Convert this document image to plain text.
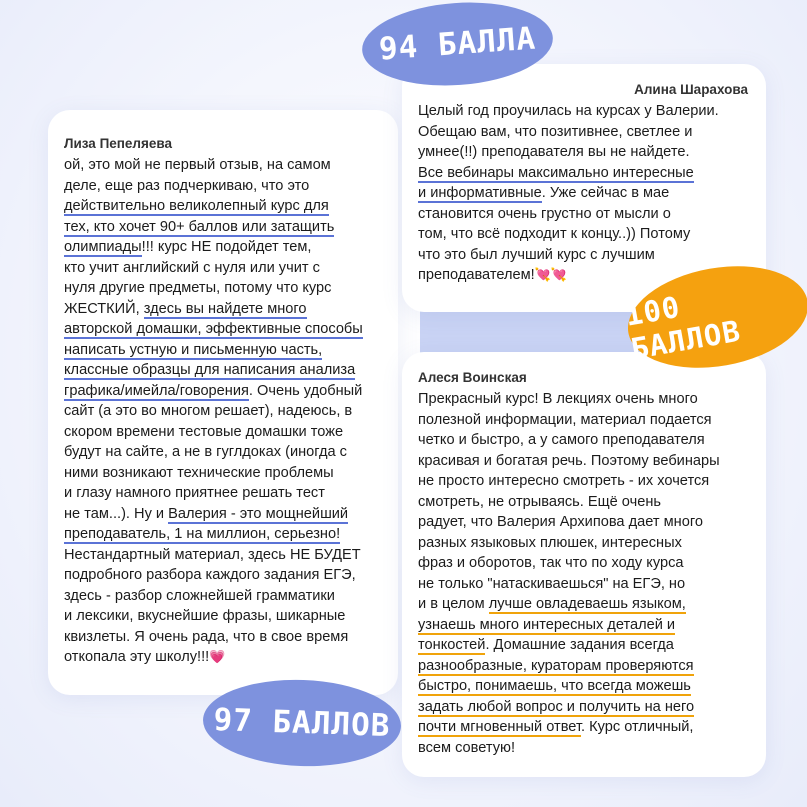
Лиза Пепеляева
ой, это мой не первый отзыв, на самом
деле, еще раз подчеркиваю, что это
действительно великолепный курс для
тех, кто хочет 90+ баллов или затащить
олимпиады!!! курс НЕ подойдет тем,
кто учит английский с нуля или учит с
нуля другие предметы, потому что курс
ЖЕСТКИЙ, здесь вы найдете много
авторской домашки, эффективные способы
написать устную и письменную часть,
классные образцы для написания анализа
графика/имейла/говорения. Очень удобный
сайт (а это во многом решает), надеюсь, в
скором времени тестовые домашки тоже
будут на сайте, а не в гуглдоках (иногда с
ними возникают технические проблемы
и глазу намного приятнее решать тест
не там...). Ну и Валерия - это мощнейший
преподаватель, 1 на миллион, серьезно!
Нестандартный материал, здесь НЕ БУДЕТ
подробного разбора каждого задания ЕГЭ,
здесь - разбор сложнейшей грамматики
и лексики, вкуснейшие фразы, шикарные
квизлеты. Я очень рада, что в свое время
откопала эту школу!!!💗
Алина Шарахова
Целый год проучилась на курсах у Валерии.
Обещаю вам, что позитивнее, светлее и
умнее(!!) преподавателя вы не найдете.
Все вебинары максимально интересные
и информативные. Уже сейчас в мае
становится очень грустно от мысли о
том, что всё подходит к концу..)) Потому
что это был лучший курс с лучшим
преподавателем!💘💘
Алеся Воинская
Прекрасный курс! В лекциях очень много
полезной информации, материал подается
четко и быстро, а у самого преподавателя
красивая и богатая речь. Поэтому вебинары
не просто интересно смотреть - их хочется
смотреть, не отрываясь. Ещё очень
радует, что Валерия Архипова дает много
разных языковых плюшек, интересных
фраз и оборотов, так что по ходу курса
не только "натаскиваешься" на ЕГЭ, но
и в целом лучше овладеваешь языком,
узнаешь много интересных деталей и
тонкостей. Домашние задания всегда
разнообразные, кураторам проверяются
быстро, понимаешь, что всегда можешь
задать любой вопрос и получить на него
почти мгновенный ответ. Курс отличный,
всем советую!
94 БАЛЛА
100 БАЛЛОВ
97 БАЛЛОВ
